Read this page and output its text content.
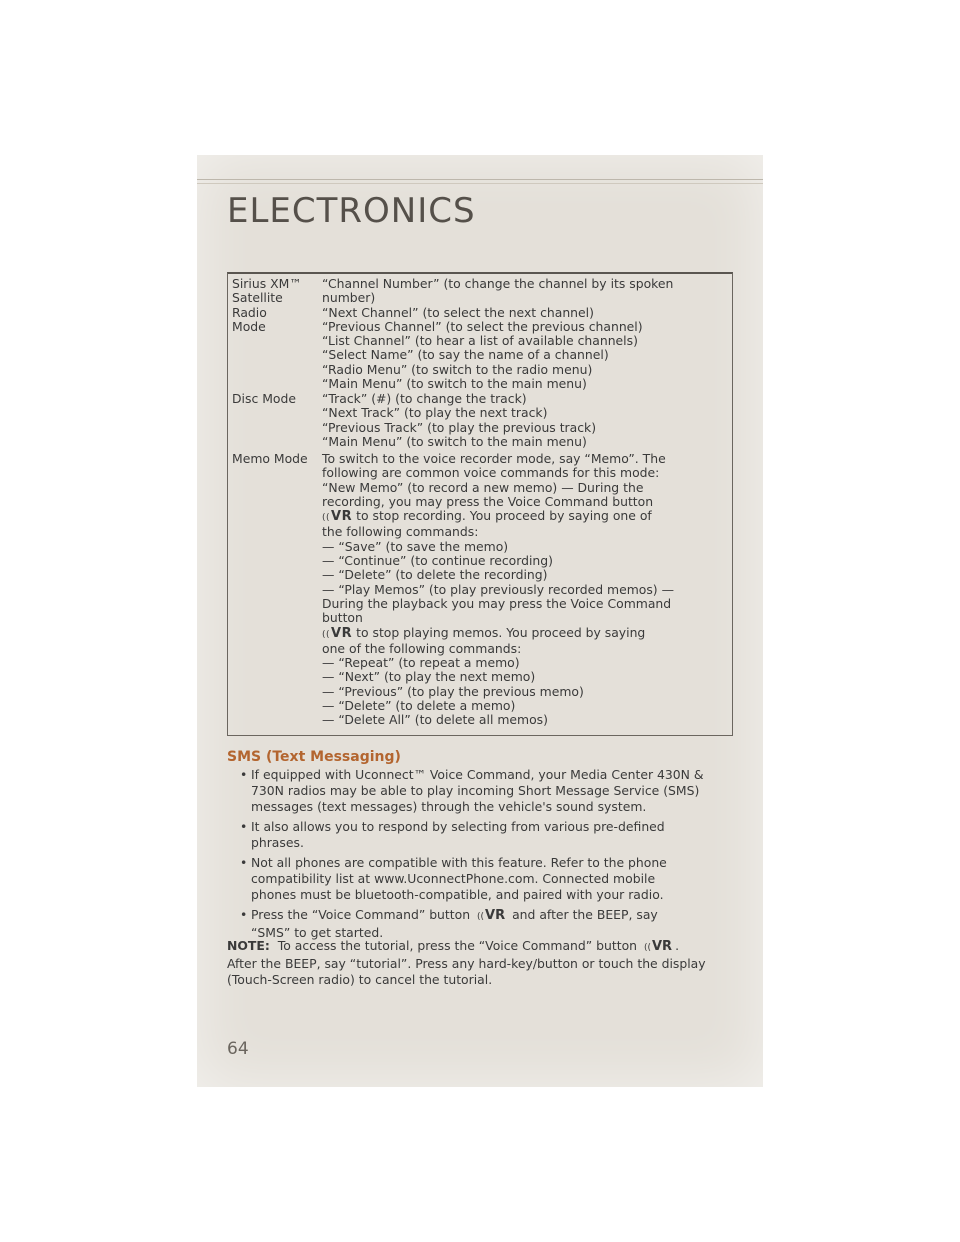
ELECTRONICS
Sirius XM™
Satellite Radio
Mode
“Channel Number” (to change the channel by its spoken
number)
“Next Channel” (to select the next channel)
“Previous Channel” (to select the previous channel)
“List Channel” (to hear a list of available channels)
“Select Name” (to say the name of a channel)
“Radio Menu” (to switch to the radio menu)
“Main Menu” (to switch to the main menu)
Disc Mode	“Track” (#) (to change the track)
“Next Track” (to play the next track)
“Previous Track” (to play the previous track)
“Main Menu” (to switch to the main menu)
Memo Mode	To switch to the voice recorder mode, say “Memo”. The
following are common voice commands for this mode:
“New Memo” (to record a new memo) — During the
recording, you may press the Voice Command button
((VR to stop recording. You proceed by saying one of
the following commands:
— “Save” (to save the memo)
— “Continue” (to continue recording)
— “Delete” (to delete the recording)
— “Play Memos” (to play previously recorded memos) —
During the playback you may press the Voice Command
button
((VR to stop playing memos. You proceed by saying
one of the following commands:
— “Repeat” (to repeat a memo)
— “Next” (to play the next memo)
— “Previous” (to play the previous memo)
— “Delete” (to delete a memo)
— “Delete All” (to delete all memos)
SMS (Text Messaging)
• If equipped with Uconnect™ Voice Command, your Media Center 430N &
730N radios may be able to play incoming Short Message Service (SMS)
messages (text messages) through the vehicle's sound system.
• It also allows you to respond by selecting from various pre-defined
phrases.
• Not all phones are compatible with this feature. Refer to the phone
compatibility list at www.UconnectPhone.com. Connected mobile
phones must be bluetooth-compatible, and paired with your radio.
• Press the “Voice Command” button ((VR and after the BEEP, say
“SMS” to get started.
NOTE: To access the tutorial, press the “Voice Command” button ((VR .
After the BEEP, say “tutorial”. Press any hard-key/button or touch the display
(Touch-Screen radio) to cancel the tutorial.
64
